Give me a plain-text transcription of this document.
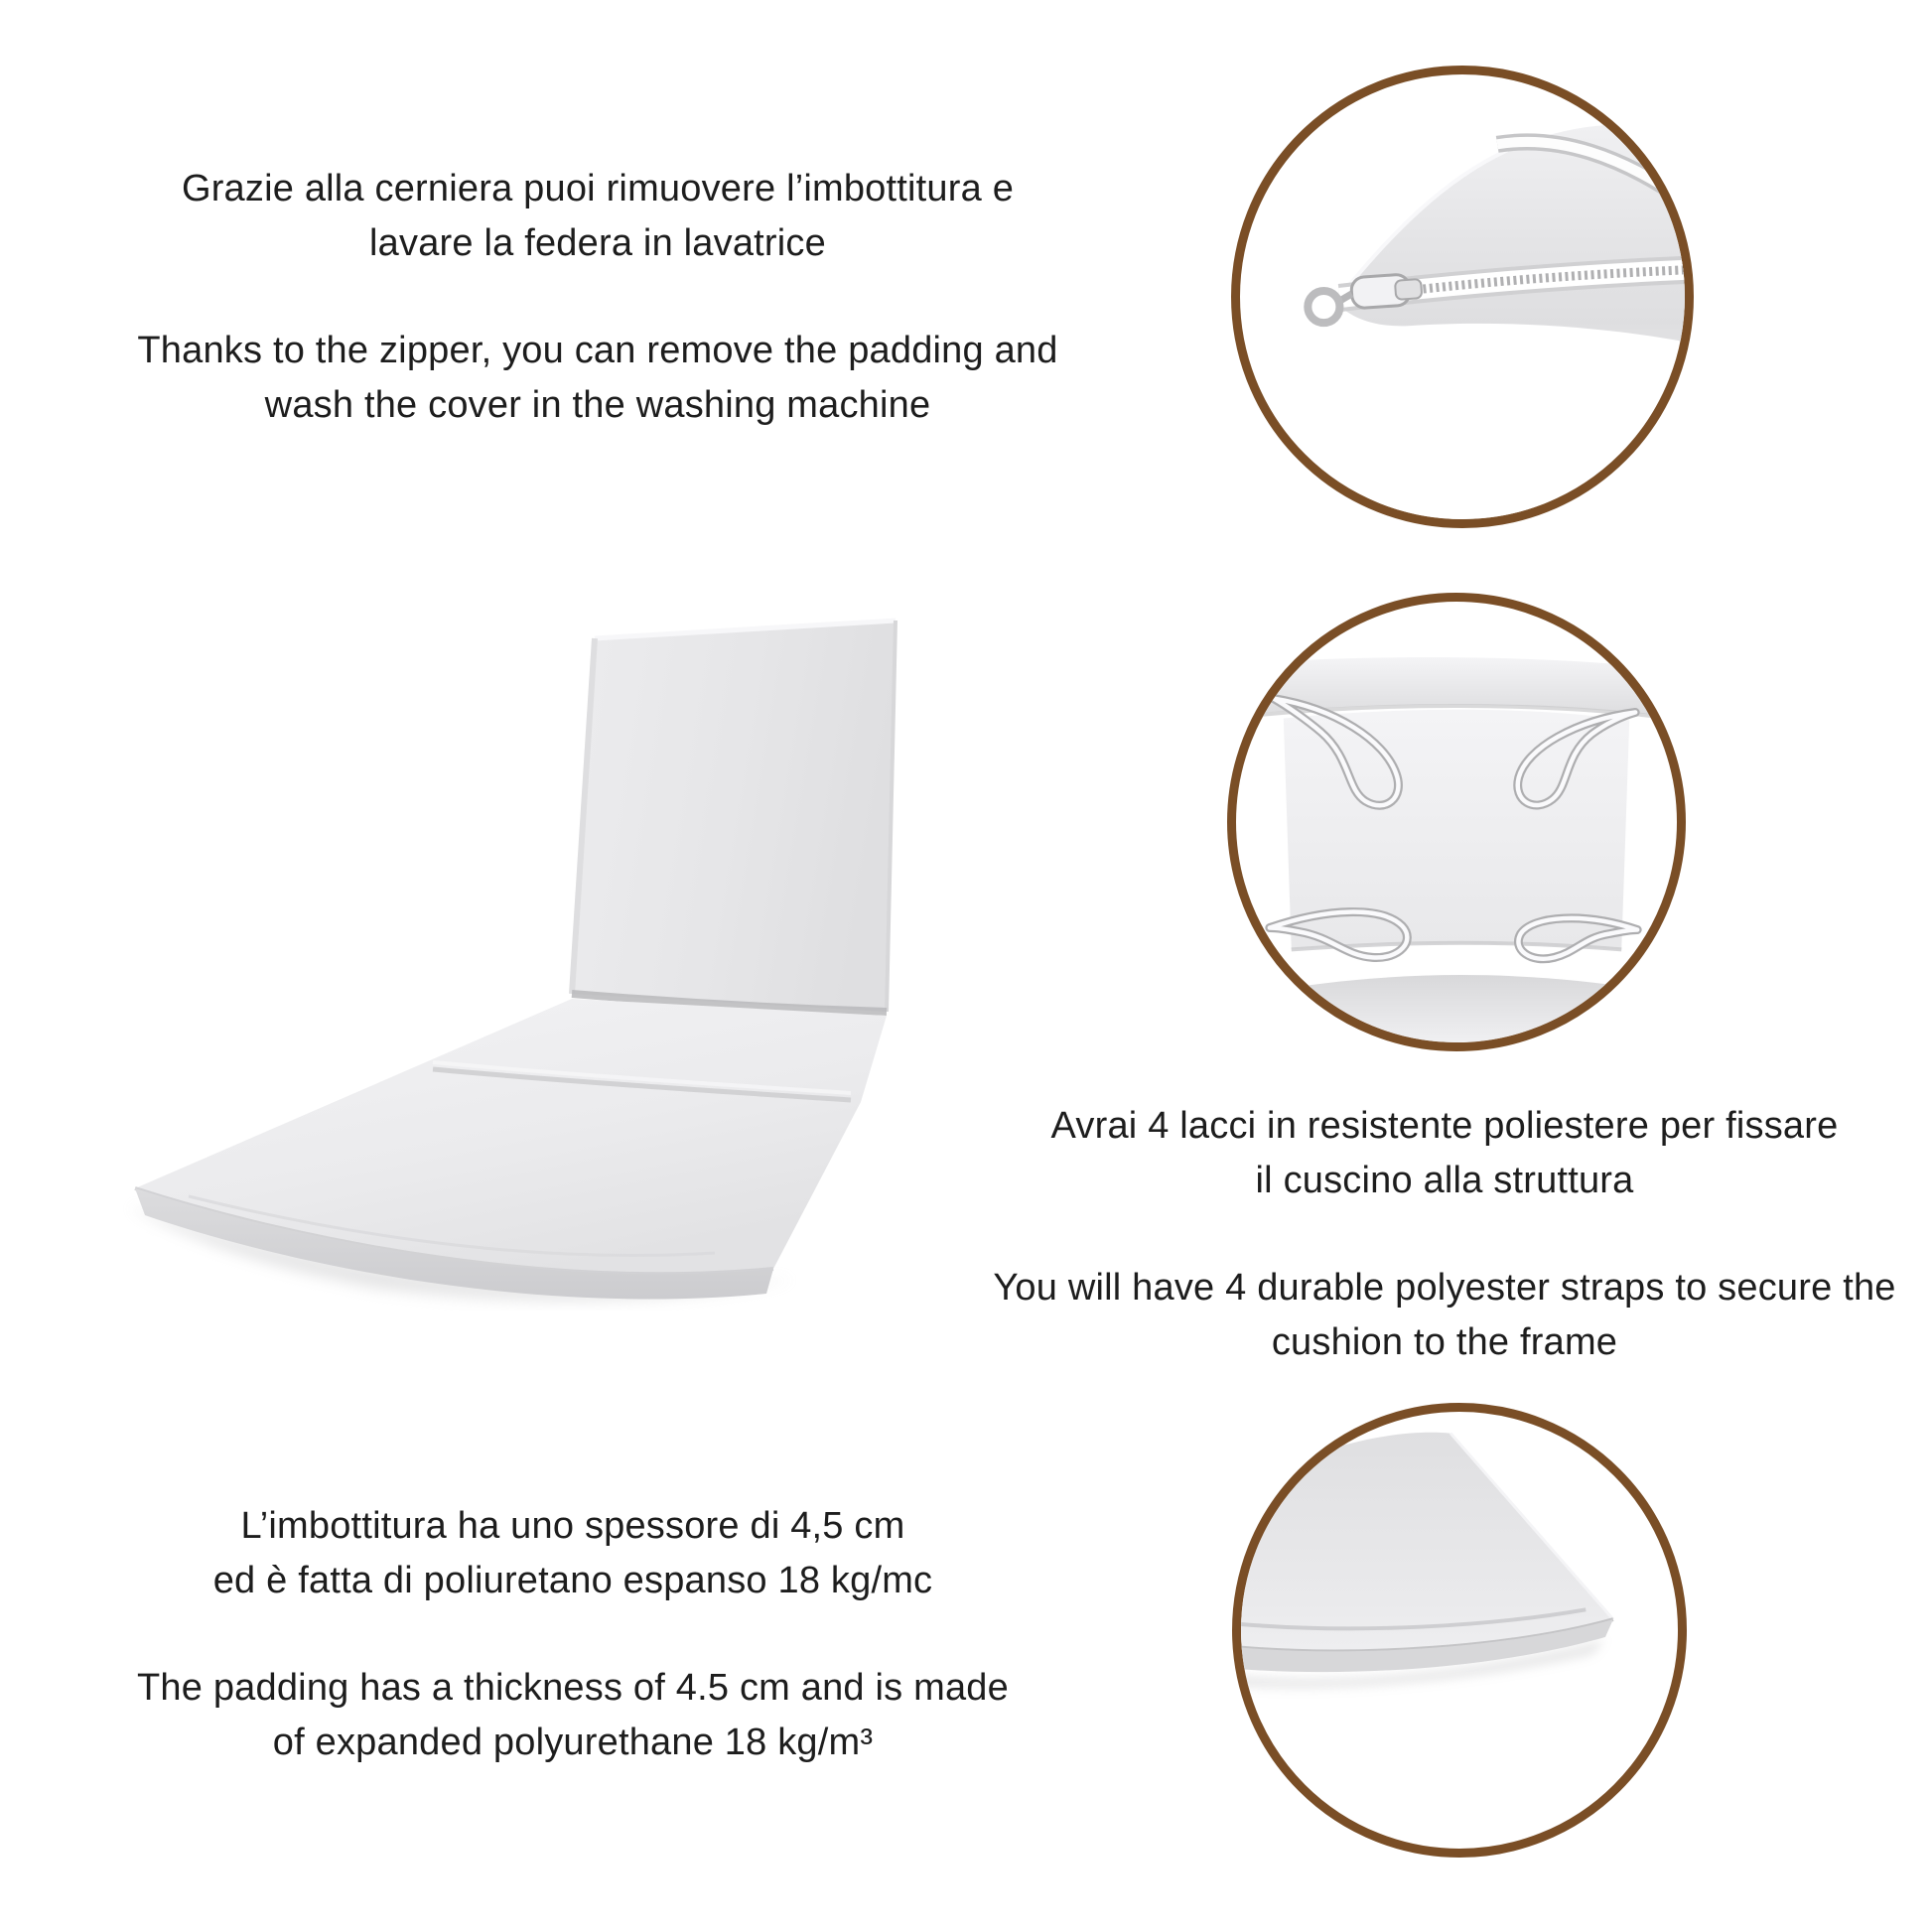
Grazie alla cerniera puoi rimuovere l’imbottitura e

lavare la federa in lavatrice

Thanks to the zipper, you can remove the padding and

wash the cover in the washing machine

Avrai 4 lacci in resistente poliestere per fissare

il cuscino alla struttura

You will have 4 durable polyester straps to secure the

cushion to the frame

L’imbottitura ha uno spessore di 4,5 cm

ed è fatta di poliuretano espanso 18 kg/mc

The padding has a thickness of 4.5 cm and is made

of expanded polyurethane 18 kg/m³
